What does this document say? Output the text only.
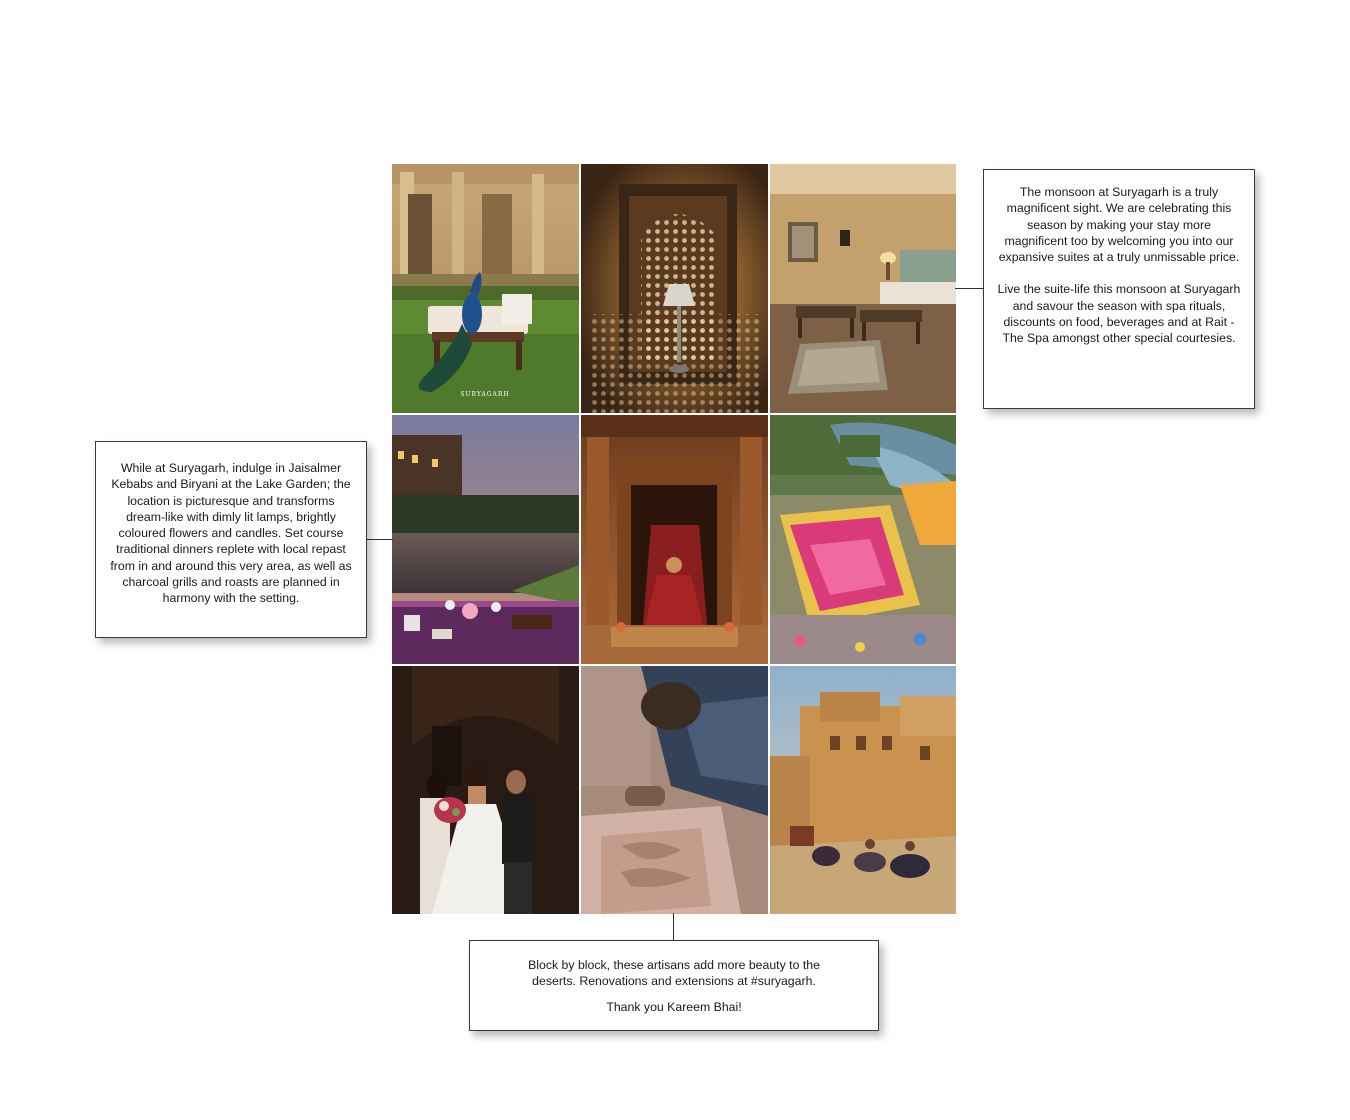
SURYAGARH

The monsoon at Suryagarh is a truly magnificent sight. We are celebrating this season by making your stay more magnificent too by welcoming you into our expansive suites at a truly unmissable price.

Live the suite-life this monsoon at Suryagarh and savour the season with spa rituals, discounts on food, beverages and at Rait - The Spa amongst other special courtesies.

While at Suryagarh, indulge in Jaisalmer Kebabs and Biryani at the Lake Garden; the location is picturesque and transforms dream-like with dimly lit lamps, brightly coloured flowers and candles. Set course traditional dinners replete with local repast from in and around this very area, as well as charcoal grills and roasts are planned in harmony with the setting.

Block by block, these artisans add more beauty to the deserts. Renovations and extensions at #suryagarh.

Thank you Kareem Bhai!
